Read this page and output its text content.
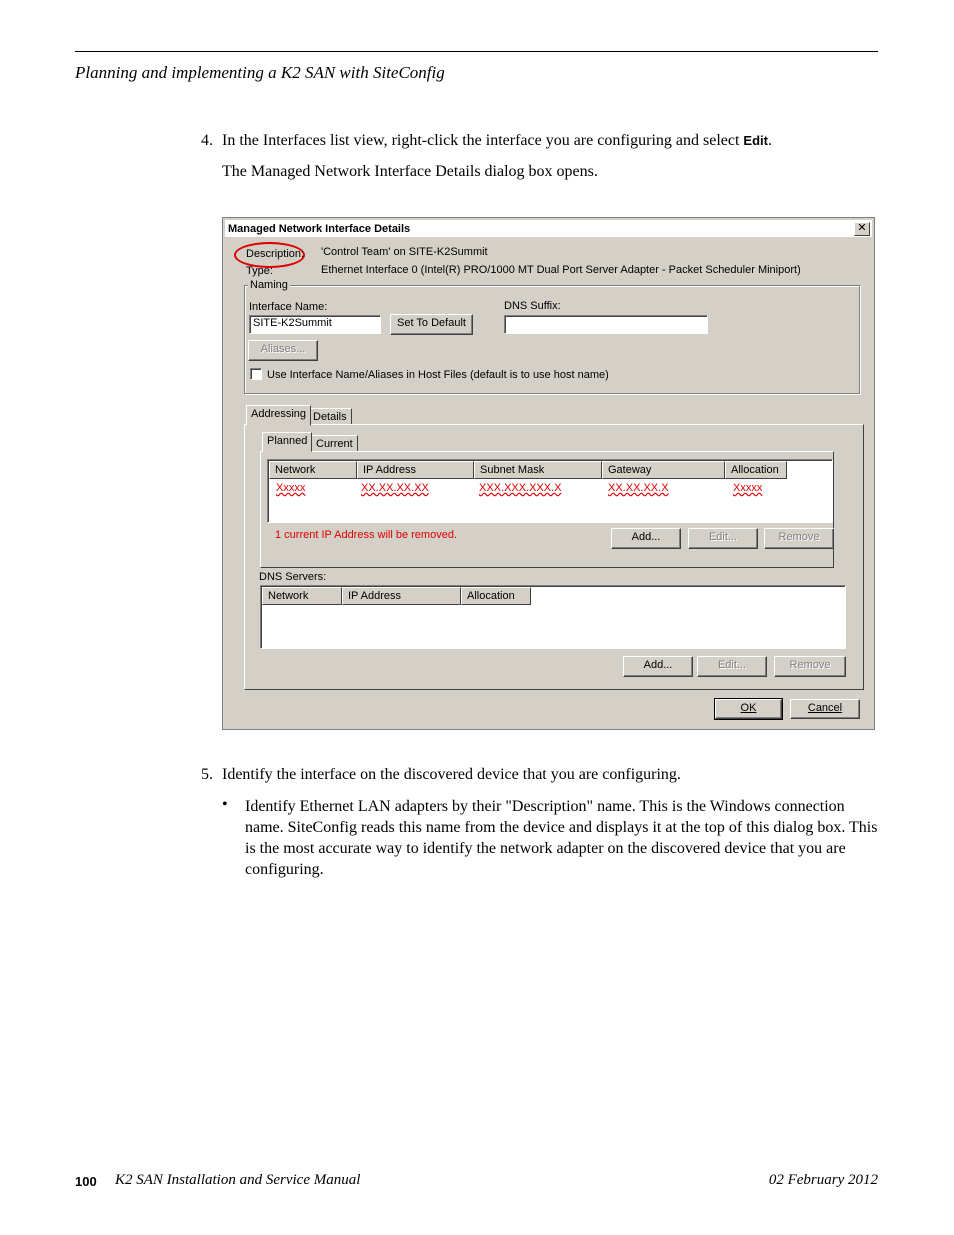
Planning and implementing a K2 SAN with SiteConfig
4. In the Interfaces list view, right-click the interface you are configuring and select Edit.
The Managed Network Interface Details dialog box opens.
Managed Network Interface Details	✕
Description: 'Control Team' on SITE-K2Summit
Type:	Ethernet Interface 0 (Intel(R) PRO/1000 MT Dual Port Server Adapter - Packet Scheduler Miniport)
Naming
Interface Name:
SITE-K2Summit	Set To Default
DNS Suffix:
Aliases...
Use Interface Name/Aliases in Host Files (default is to use host name)
Addressing Details
Planned Current
Network	IP Address	Subnet Mask	Gateway	Allocation
Xxxxx	XX.XX.XX.XX	XXX.XXX.XXX.X	XX.XX.XX.X	Xxxxx
1 current IP Address will be removed.	Add...	Edit...	Remove
DNS Servers:
Network	IP Address	Allocation
Add...	Edit...	Remove
OK	Cancel
5. Identify the interface on the discovered device that you are configuring.
• Identify Ethernet LAN adapters by their "Description" name. This is the Windows connection name. SiteConfig reads this name from the device and displays it at the top of this dialog box. This is the most accurate way to identify the network adapter on the discovered device that you are configuring.
100 K2 SAN Installation and Service Manual	02 February 2012
